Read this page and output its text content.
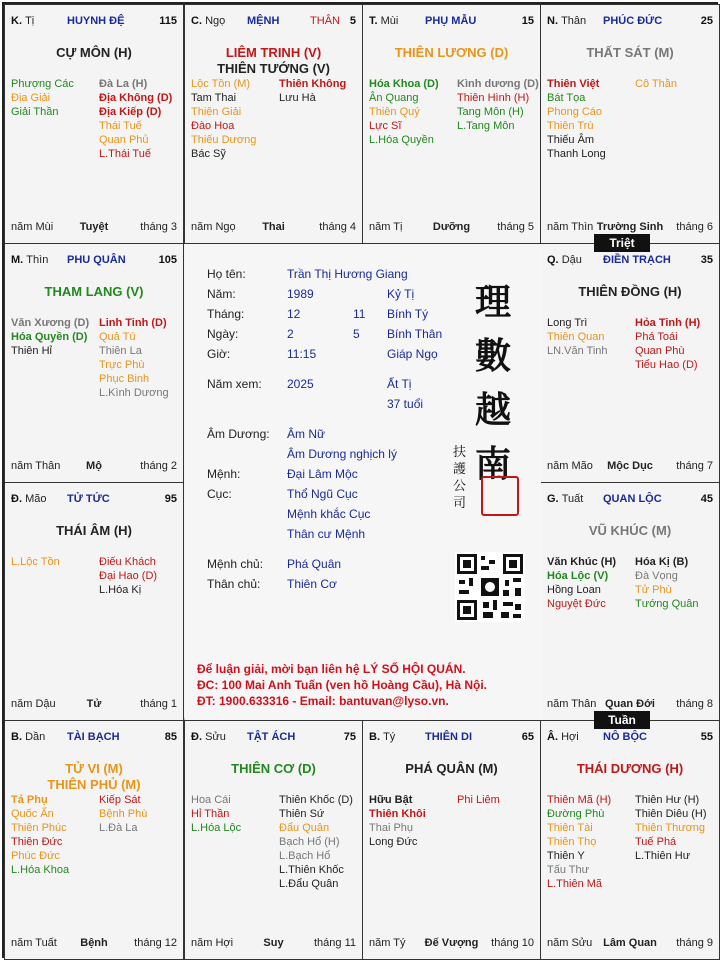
K. Tị	HUYNH ĐỆ	115
CỰ MÔN (H)
Phượng Các
Địa Giải
Giải Thần
Đà La (H)
Địa Không (D)
Địa Kiếp (D)
Thái Tuế
Quan Phủ
L.Thái Tuế
năm Mùi	Tuyệt	tháng 3
C. Ngọ MỆNH	THÂN 5
LIÊM TRINH (V)
THIÊN TƯỚNG (V)
Lộc Tồn (M)
Tam Thai
Thiên Giải
Đào Hoa
Thiếu Dương
Bác Sỹ
Thiên Không
Lưu Hà
năm Ngọ	Thai	tháng 4
T. Mùi PHỤ MẪU	15
THIÊN LƯƠNG (D)
Hóa Khoa (D)
Ân Quang
Thiên Quý
Lực Sĩ
L.Hóa Quyền
Kình dương (D)
Thiên Hình (H)
Tang Môn (H)
L.Tang Môn
năm Tị	Dưỡng	tháng 5
N. Thân PHÚC ĐỨC	25
THẤT SÁT (M)
Thiên Việt
Bát Tọa
Phong Cáo
Thiên Trù
Thiếu Âm
Thanh Long
Cô Thần
năm Thìn Trường Sinh	tháng 6
M. Thìn PHU QUÂN	105
THAM LANG (V)
Văn Xương (D)
Hóa Quyền (D)
Thiên Hỉ
Linh Tinh (D)
Quả Tú
Thiên La
Trực Phù
Phục Binh
L.Kình Dương
năm Thân	Mộ	tháng 2
Q. Dậu ĐIỀN TRẠCH	35
THIÊN ĐỒNG (H)
Long Trì
Thiên Quan
LN.Văn Tinh
Hỏa Tinh (H)
Phá Toái
Quan Phù
Tiểu Hao (D)
năm Mão	Mộc Dục	tháng 7
Đ. Mão TỬ TỨC	95
THÁI ÂM (H)
L.Lộc Tồn	Điếu Khách
Đại Hao (D)
L.Hóa Kị
năm Dậu	Tử	tháng 1
G. Tuất QUAN LỘC	45
VŨ KHÚC (M)
Văn Khúc (H)
Hóa Lộc (V)
Hồng Loan
Nguyệt Đức
Hóa Kị (B)
Đà Vọng
Tử Phù
Tướng Quân
năm Thân Quan Đới	tháng 8
B. Dần TÀI BẠCH	85
TỬ VI (M)
THIÊN PHỦ (M)
Tả Phụ
Quốc Ấn
Thiên Phúc
Thiên Đức
Phúc Đức
L.Hóa Khoa
Kiếp Sát
Bệnh Phù
L.Đà La
năm Tuất	Bệnh	tháng 12
Đ. Sửu TẬT ÁCH	75
THIÊN CƠ (D)
Hoa Cái
Hỉ Thần
L.Hóa Lộc
Thiên Khốc (D)
Thiên Sứ
Đẩu Quân
Bạch Hổ (H)
L.Bạch Hổ
L.Thiên Khốc
L.Đẩu Quân
năm Hợi	Suy	tháng 11
B. Tý	THIÊN DI	65
PHÁ QUÂN (M)
Hữu Bật
Thiên Khôi
Thai Phụ
Long Đức
Phi Liêm
năm Tý	Đế Vượng	tháng 10
Â. Hợi NÔ BỘC	55
THÁI DƯƠNG (H)
Thiên Mã (H)
Đường Phù
Thiên Tài
Thiên Thọ
Thiên Y
Tấu Thư
L.Thiên Mã
Thiên Hư (H)
Thiên Diêu (H)
Thiên Thương
Tuế Phá
L.Thiên Hư
năm Sửu Lâm Quan	tháng 9
Triệt
Tuần
Họ tên:	Trần Thị Hương Giang
Năm:	1989	Kỷ Tị
Tháng:	12	11 Bính Tý
Ngày:	2	5 Bính Thân
Giờ:	11:15	Giáp Ngọ
Năm xem: 2025	Ất Tị
37 tuổi
Âm Dương: Âm Nữ
Âm Dương nghịch lý
Mệnh:	Đại Lâm Mộc
Cục:	Thổ Ngũ Cục
Mệnh khắc Cục
Thân cư Mệnh
Mệnh chủ: Phá Quân
Thân chủ: Thiên Cơ
理
數
越
南
扶護公司
Để luận giải, mời bạn liên hệ LÝ SỐ HỘI QUÁN.
ĐC: 100 Mai Anh Tuấn (ven hồ Hoàng Cầu), Hà Nội.
ĐT: 1900.633316 - Email: bantuvan@lyso.vn.
